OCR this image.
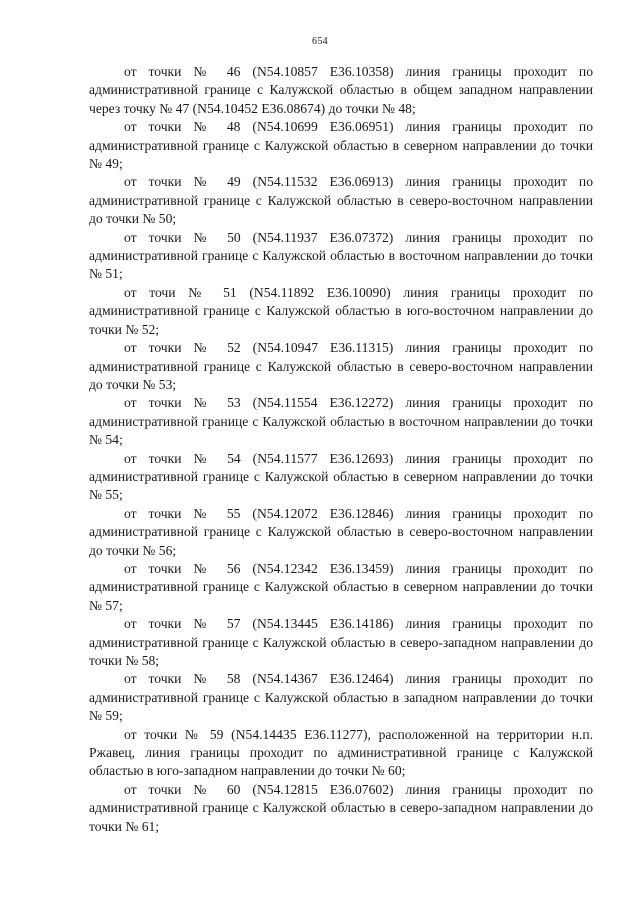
654

от точки № 46 (N54.10857 E36.10358) линия границы проходит по административной границе с Калужской областью в общем западном направлении через точку № 47 (N54.10452 E36.08674) до точки № 48;

от точки № 48 (N54.10699 E36.06951) линия границы проходит по административной границе с Калужской областью в северном направлении до точки № 49;

от точки № 49 (N54.11532 E36.06913) линия границы проходит по административной границе с Калужской областью в северо-восточном направлении до точки № 50;

от точки № 50 (N54.11937 E36.07372) линия границы проходит по административной границе с Калужской областью в восточном направлении до точки № 51;

от точи № 51 (N54.11892 E36.10090) линия границы проходит по административной границе с Калужской областью в юго-восточном направлении до точки № 52;

от точки № 52 (N54.10947 E36.11315) линия границы проходит по административной границе с Калужской областью в северо-восточном направлении до точки № 53;

от точки № 53 (N54.11554 E36.12272) линия границы проходит по административной границе с Калужской областью в восточном направлении до точки № 54;

от точки № 54 (N54.11577 E36.12693) линия границы проходит по административной границе с Калужской областью в северном направлении до точки № 55;

от точки № 55 (N54.12072 E36.12846) линия границы проходит по административной границе с Калужской областью в северо-восточном направлении до точки № 56;

от точки № 56 (N54.12342 E36.13459) линия границы проходит по административной границе с Калужской областью в северном направлении до точки № 57;

от точки № 57 (N54.13445 E36.14186) линия границы проходит по административной границе с Калужской областью в северо-западном направлении до точки № 58;

от точки № 58 (N54.14367 E36.12464) линия границы проходит по административной границе с Калужской областью в западном направлении до точки № 59;

от точки № 59 (N54.14435 E36.11277), расположенной на территории н.п. Ржавец, линия границы проходит по административной границе с Калужской областью в юго-западном направлении до точки № 60;

от точки № 60 (N54.12815 E36.07602) линия границы проходит по административной границе с Калужской областью в северо-западном направлении до точки № 61;
